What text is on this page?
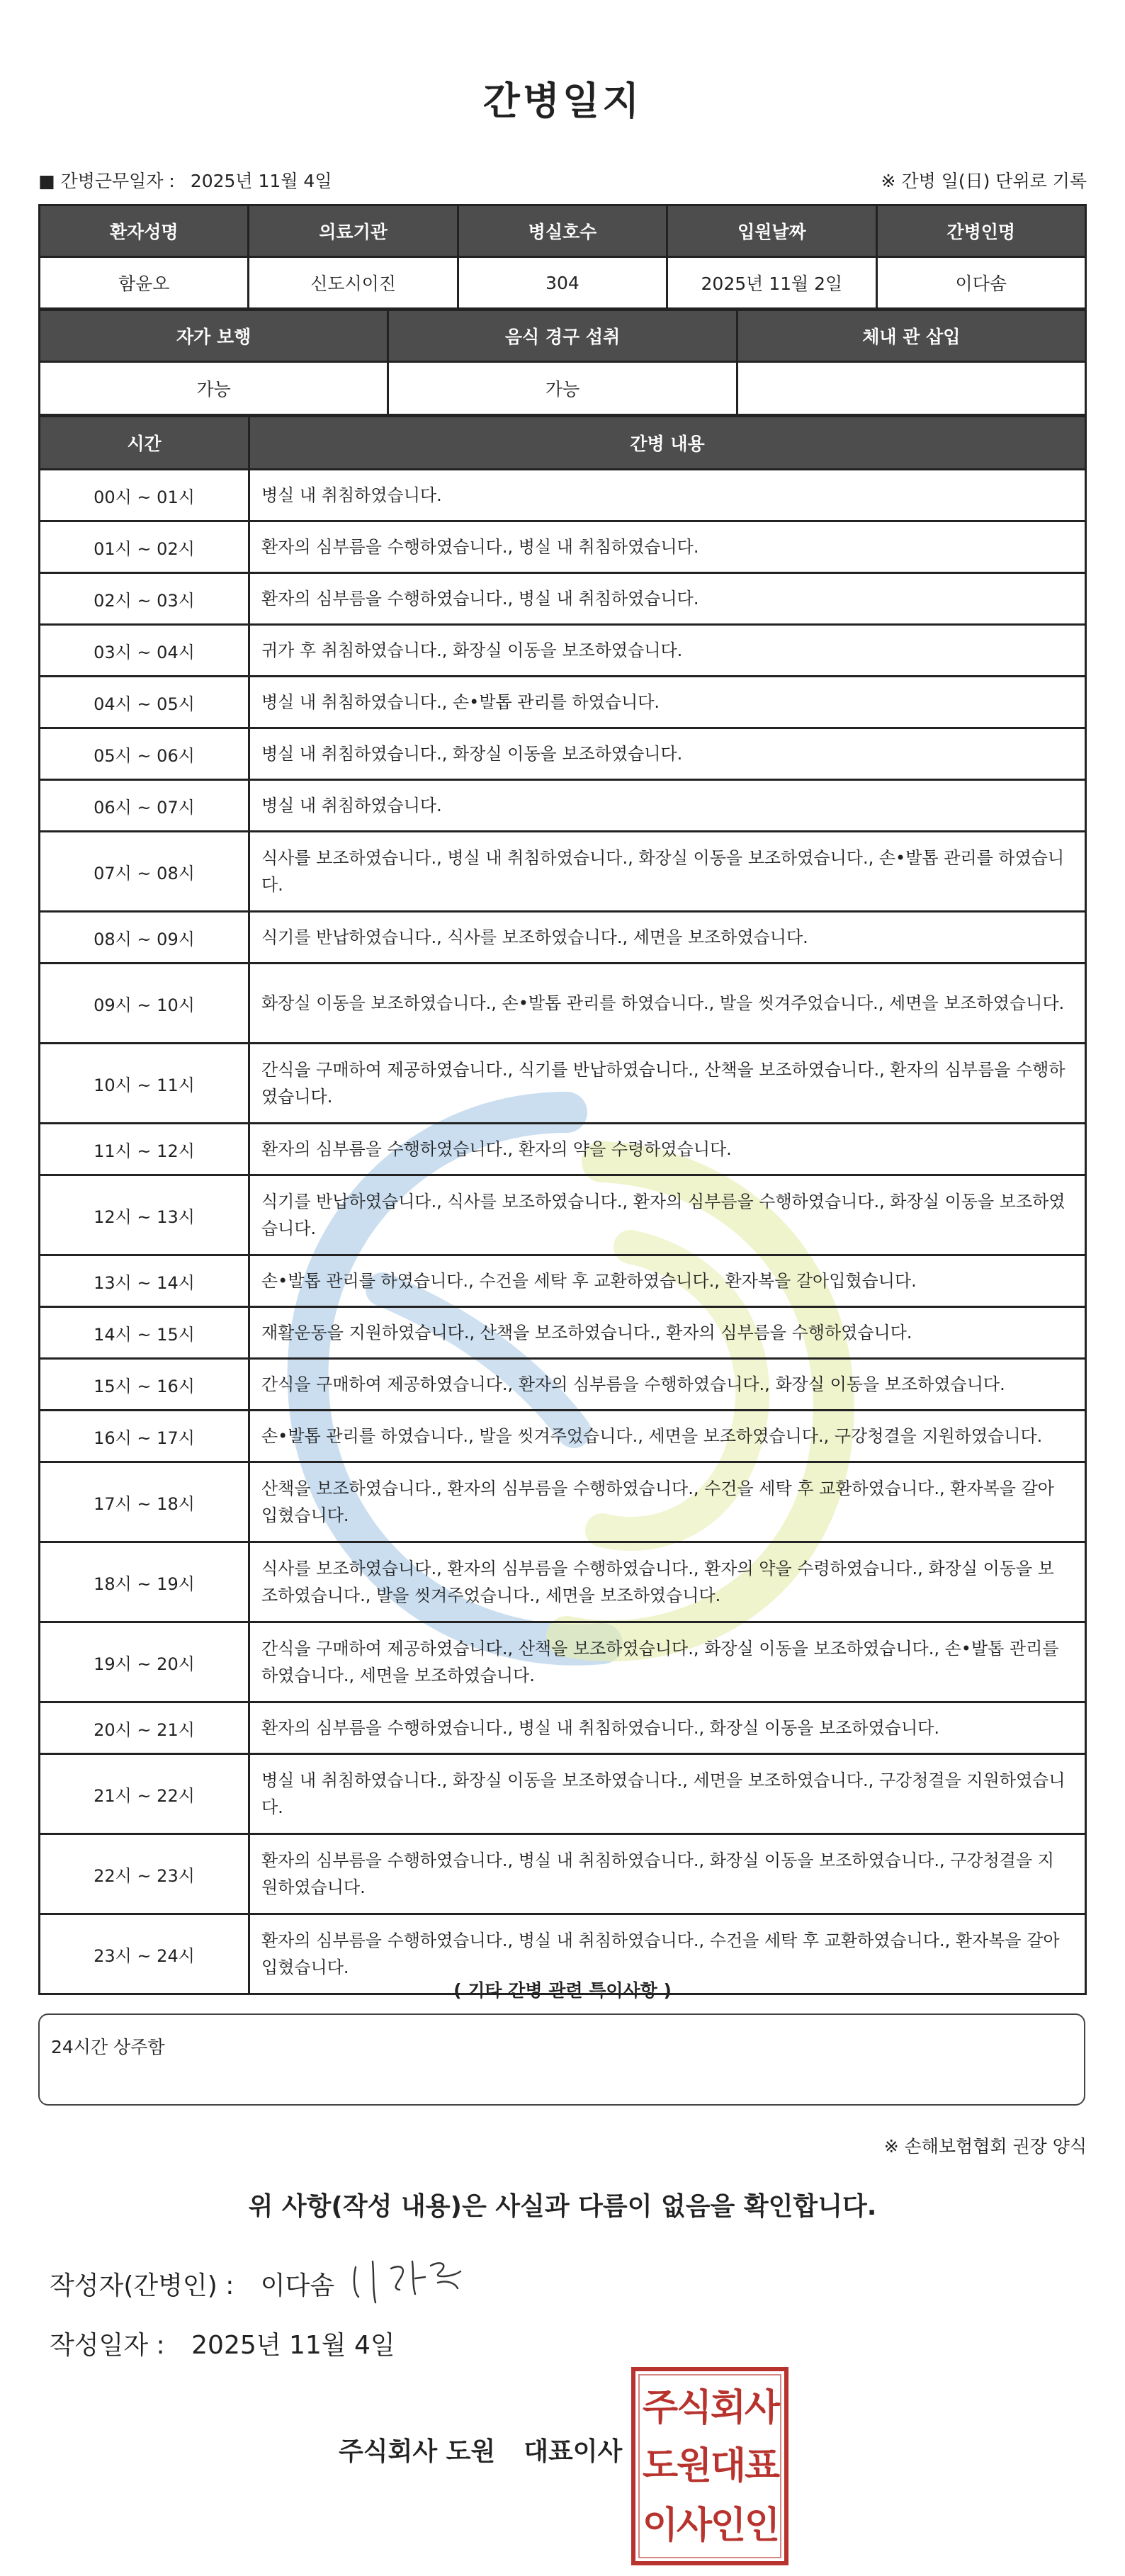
간병일지
■ 간병근무일자 : 2025년 11월 4일	※ 간병 일(日) 단위로 기록
환자성명	의료기관	병실호수	입원날짜	간병인명
함윤오	신도시이진	304	2025년 11월 2일	이다솜
자가 보행	음식 경구 섭취	체내 관 삽입
가능	가능	
시간	간병 내용
00시 ~ 01시	병실 내 취침하였습니다.
01시 ~ 02시	환자의 심부름을 수행하였습니다., 병실 내 취침하였습니다.
02시 ~ 03시	환자의 심부름을 수행하였습니다., 병실 내 취침하였습니다.
03시 ~ 04시	귀가 후 취침하였습니다., 화장실 이동을 보조하였습니다.
04시 ~ 05시	병실 내 취침하였습니다., 손•발톱 관리를 하였습니다.
05시 ~ 06시	병실 내 취침하였습니다., 화장실 이동을 보조하였습니다.
06시 ~ 07시	병실 내 취침하였습니다.
07시 ~ 08시	식사를 보조하였습니다., 병실 내 취침하였습니다., 화장실 이동을 보조하였습니다., 손•발톱 관리를 하였습니다.
08시 ~ 09시	식기를 반납하였습니다., 식사를 보조하였습니다., 세면을 보조하였습니다.
09시 ~ 10시	화장실 이동을 보조하였습니다., 손•발톱 관리를 하였습니다., 발을 씻겨주었습니다., 세면을 보조하였습니다.
10시 ~ 11시	간식을 구매하여 제공하였습니다., 식기를 반납하였습니다., 산책을 보조하였습니다., 환자의 심부름을 수행하였습니다.
11시 ~ 12시	환자의 심부름을 수행하였습니다., 환자의 약을 수령하였습니다.
12시 ~ 13시	식기를 반납하였습니다., 식사를 보조하였습니다., 환자의 심부름을 수행하였습니다., 화장실 이동을 보조하였습니다.
13시 ~ 14시	손•발톱 관리를 하였습니다., 수건을 세탁 후 교환하였습니다., 환자복을 갈아입혔습니다.
14시 ~ 15시	재활운동을 지원하였습니다., 산책을 보조하였습니다., 환자의 심부름을 수행하였습니다.
15시 ~ 16시	간식을 구매하여 제공하였습니다., 환자의 심부름을 수행하였습니다., 화장실 이동을 보조하였습니다.
16시 ~ 17시	손•발톱 관리를 하였습니다., 발을 씻겨주었습니다., 세면을 보조하였습니다., 구강청결을 지원하였습니다.
17시 ~ 18시	산책을 보조하였습니다., 환자의 심부름을 수행하였습니다., 수건을 세탁 후 교환하였습니다., 환자복을 갈아입혔습니다.
18시 ~ 19시	식사를 보조하였습니다., 환자의 심부름을 수행하였습니다., 환자의 약을 수령하였습니다., 화장실 이동을 보조하였습니다., 발을 씻겨주었습니다., 세면을 보조하였습니다.
19시 ~ 20시	간식을 구매하여 제공하였습니다., 산책을 보조하였습니다., 화장실 이동을 보조하였습니다., 손•발톱 관리를 하였습니다., 세면을 보조하였습니다.
20시 ~ 21시	환자의 심부름을 수행하였습니다., 병실 내 취침하였습니다., 화장실 이동을 보조하였습니다.
21시 ~ 22시	병실 내 취침하였습니다., 화장실 이동을 보조하였습니다., 세면을 보조하였습니다., 구강청결을 지원하였습니다.
22시 ~ 23시	환자의 심부름을 수행하였습니다., 병실 내 취침하였습니다., 화장실 이동을 보조하였습니다., 구강청결을 지원하였습니다.
23시 ~ 24시	환자의 심부름을 수행하였습니다., 병실 내 취침하였습니다., 수건을 세탁 후 교환하였습니다., 환자복을 갈아입혔습니다.
( 기타 간병 관련 특이사항 )
24시간 상주함
※ 손해보험협회 권장 양식
위 사항(작성 내용)은 사실과 다름이 없음을 확인합니다.
작성자(간병인) : 이다솜
작성일자 : 2025년 11월 4일
주식회사 도원 대표이사
주
식
회
사
도
원
대
표
이
사
인
인
